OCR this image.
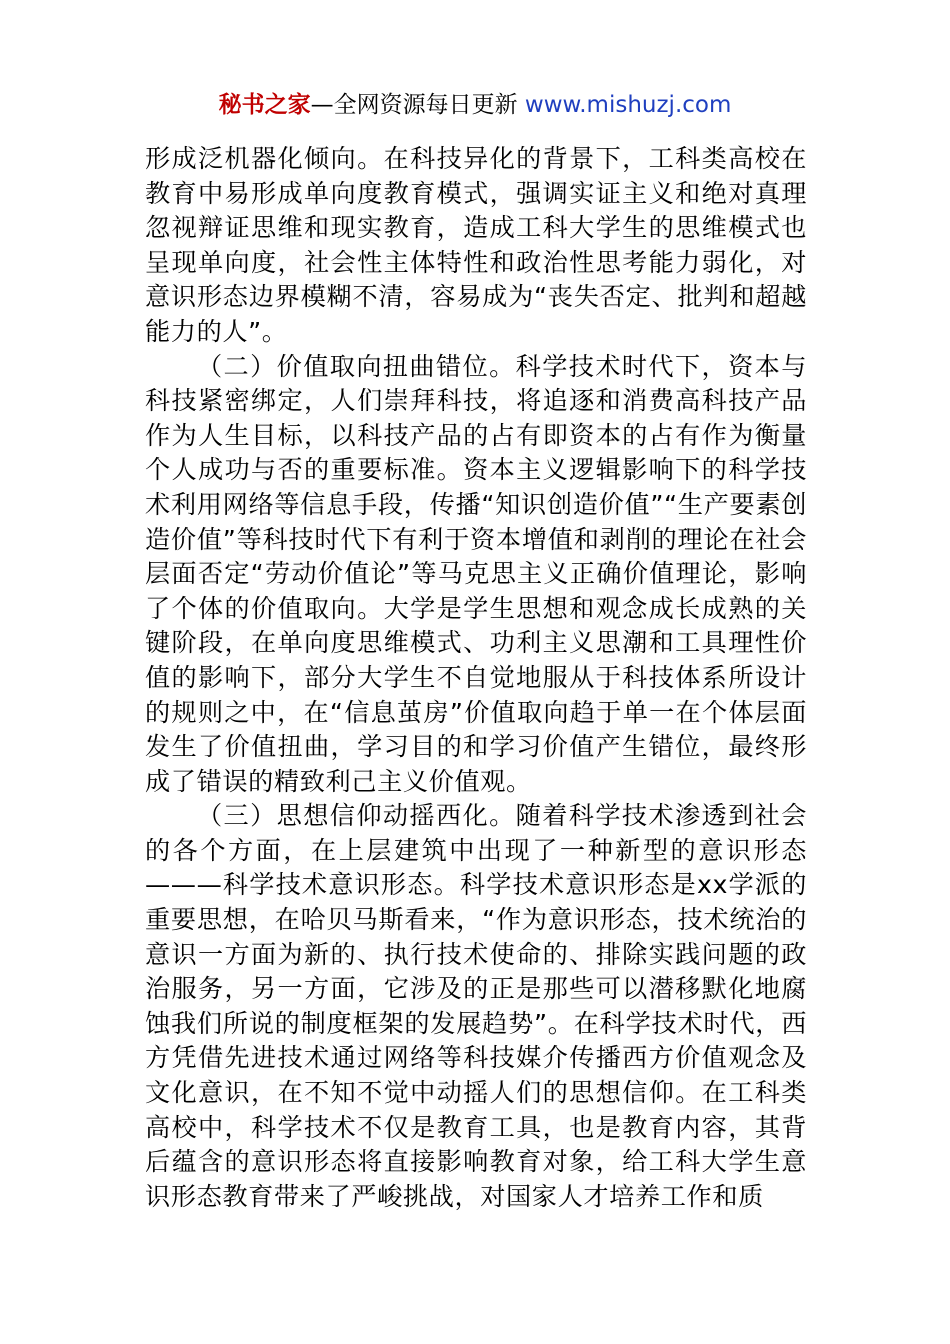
秘书之家—全网资源每日更新 www.mishuzj.com

形成泛机器化倾向。在科技异化的背景下，工科类高校在教育中易形成单向度教育模式，强调实证主义和绝对真理忽视辩证思维和现实教育，造成工科大学生的思维模式也呈现单向度，社会性主体特性和政治性思考能力弱化，对意识形态边界模糊不清，容易成为“丧失否定、批判和超越能力的人”。

（二）价值取向扭曲错位。科学技术时代下，资本与科技紧密绑定，人们崇拜科技，将追逐和消费高科技产品作为人生目标，以科技产品的占有即资本的占有作为衡量个人成功与否的重要标准。资本主义逻辑影响下的科学技术利用网络等信息手段，传播“知识创造价值”“生产要素创造价值”等科技时代下有利于资本增值和剥削的理论在社会层面否定“劳动价值论”等马克思主义正确价值理论，影响了个体的价值取向。大学是学生思想和观念成长成熟的关键阶段，在单向度思维模式、功利主义思潮和工具理性价值的影响下，部分大学生不自觉地服从于科技体系所设计的规则之中，在“信息茧房”价值取向趋于单一在个体层面发生了价值扭曲，学习目的和学习价值产生错位，最终形成了错误的精致利己主义价值观。

（三）思想信仰动摇西化。随着科学技术渗透到社会的各个方面，在上层建筑中出现了一种新型的意识形态———科学技术意识形态。科学技术意识形态是xx学派的重要思想，在哈贝马斯看来，“作为意识形态，技术统治的意识一方面为新的、执行技术使命的、排除实践问题的政治服务，另一方面，它涉及的正是那些可以潜移默化地腐蚀我们所说的制度框架的发展趋势”。在科学技术时代，西方凭借先进技术通过网络等科技媒介传播西方价值观念及文化意识，在不知不觉中动摇人们的思想信仰。在工科类高校中，科学技术不仅是教育工具，也是教育内容，其背后蕴含的意识形态将直接影响教育对象，给工科大学生意识形态教育带来了严峻挑战，对国家人才培养工作和质
